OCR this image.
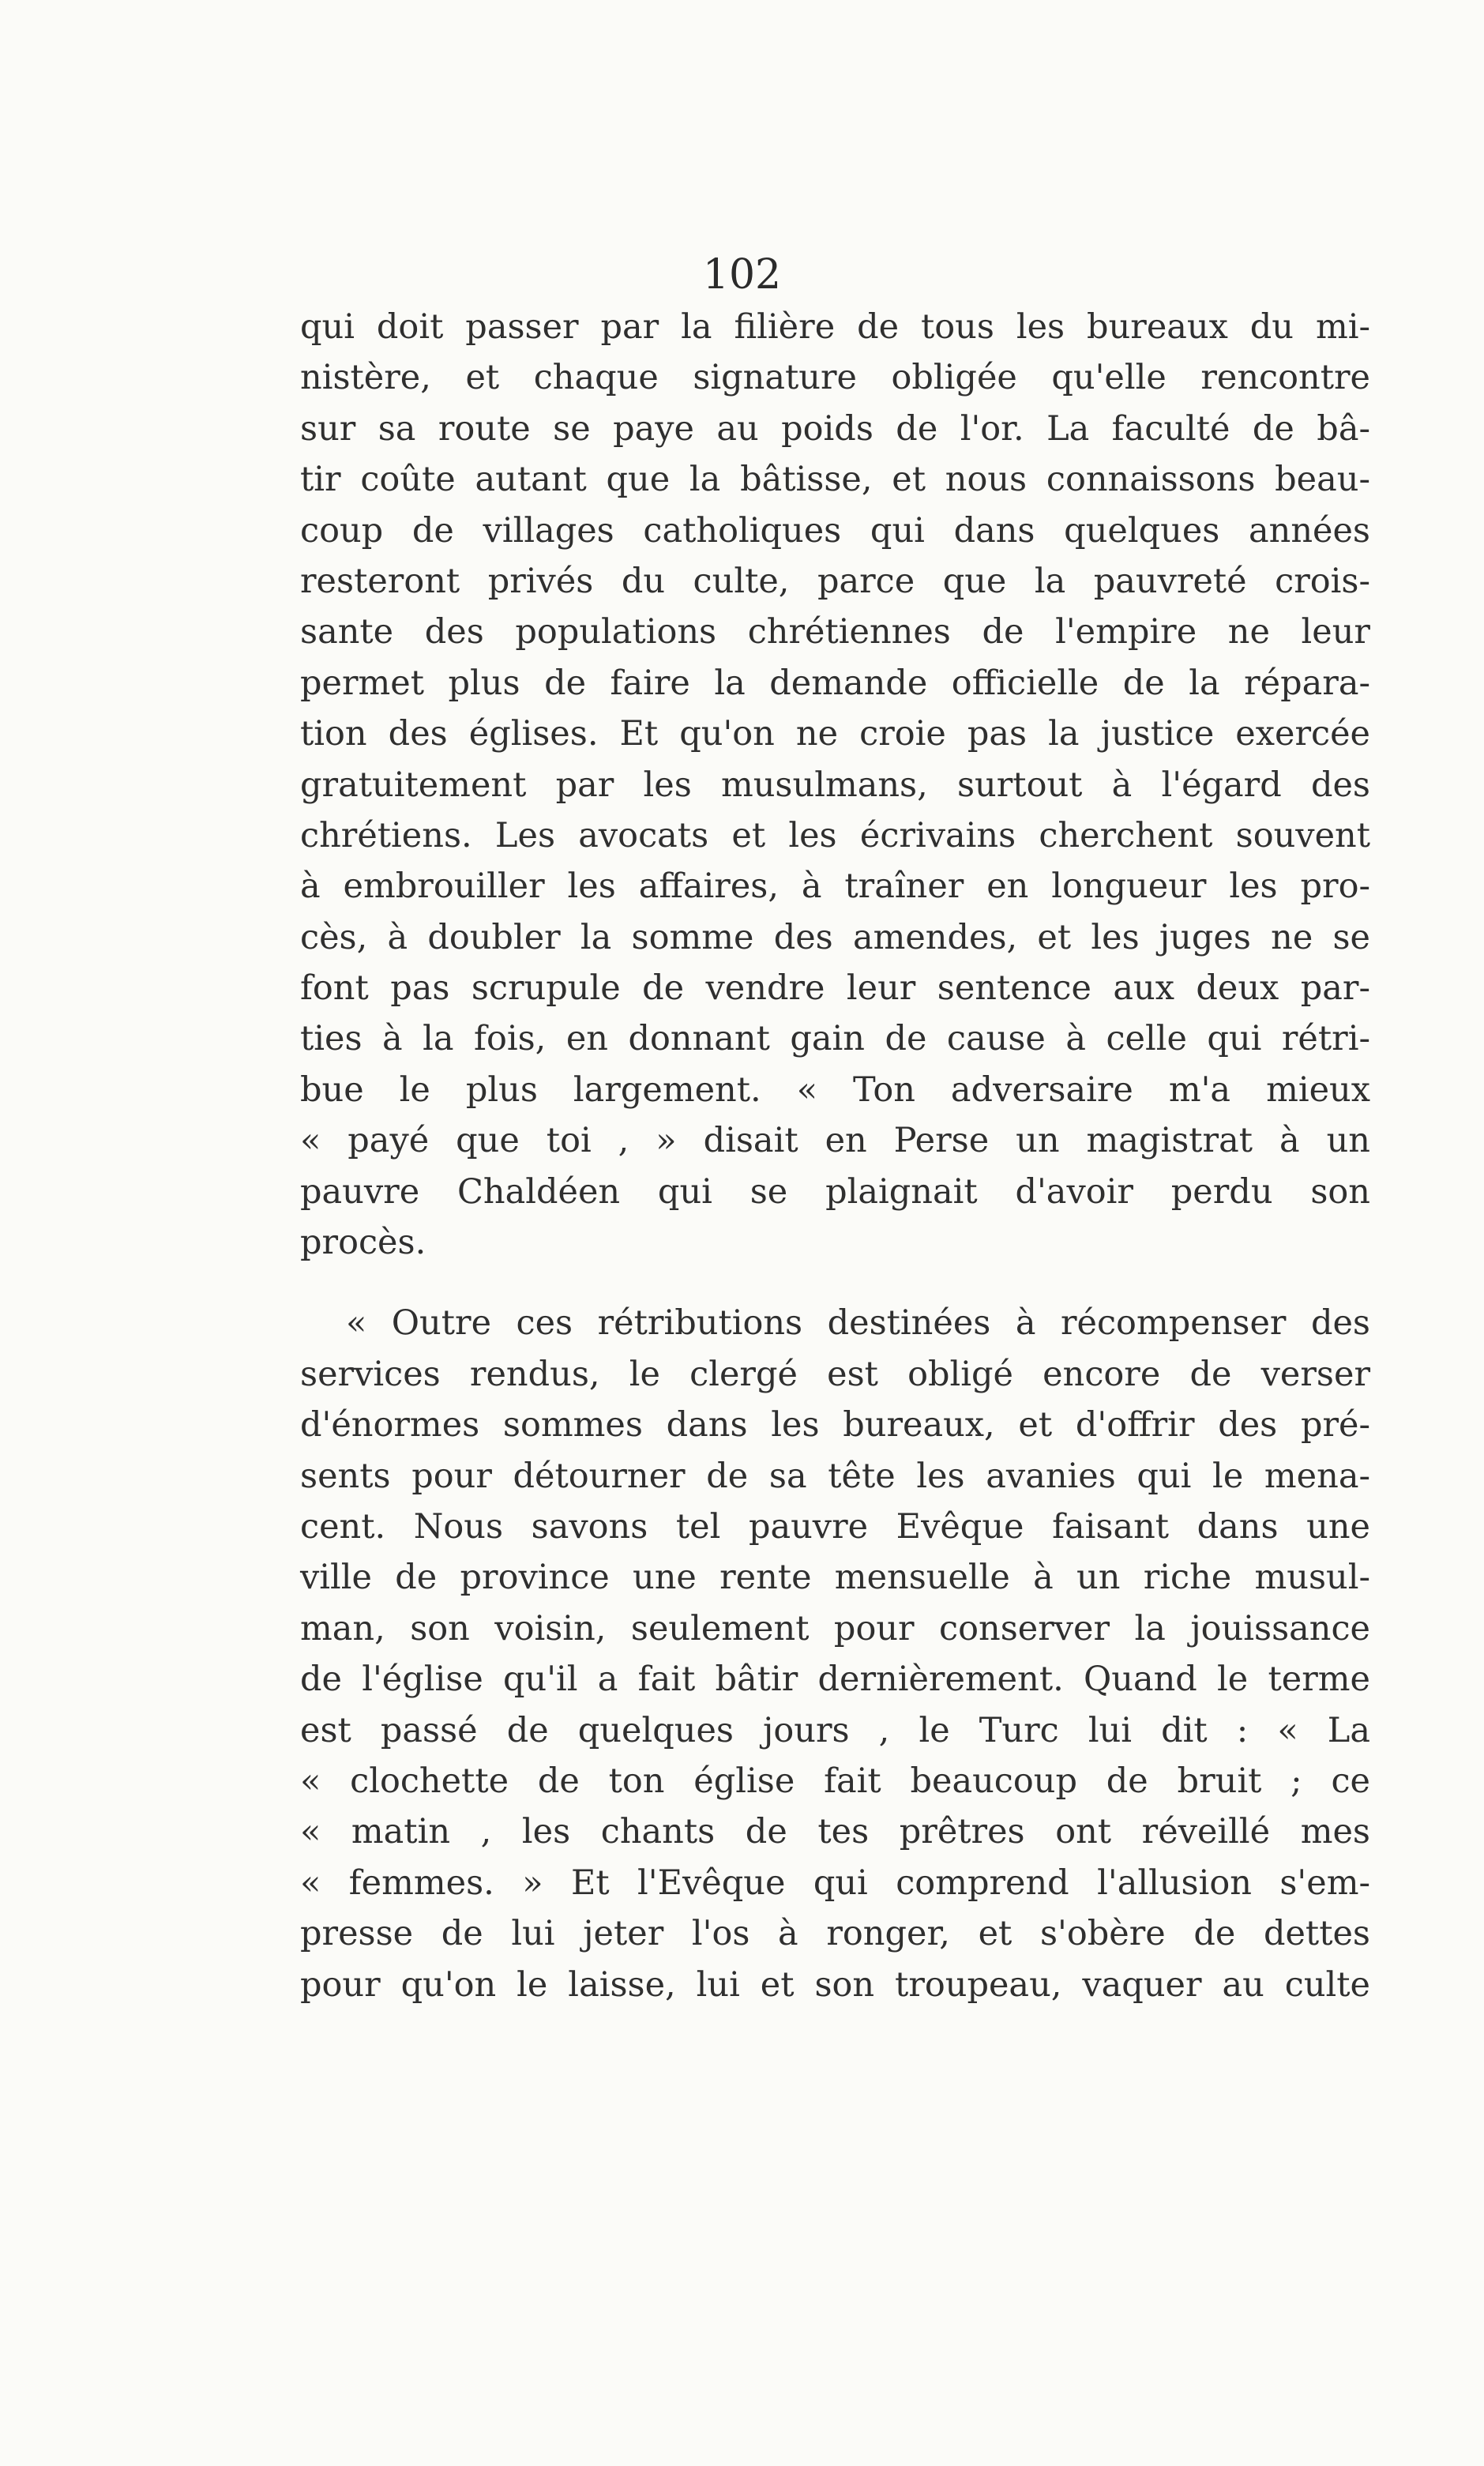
102
qui doit passer par la filière de tous les bureaux du mi-
nistère, et chaque signature obligée qu'elle rencontre
sur sa route se paye au poids de l'or. La faculté de bâ-
tir coûte autant que la bâtisse, et nous connaissons beau-
coup de villages catholiques qui dans quelques années
resteront privés du culte, parce que la pauvreté crois-
sante des populations chrétiennes de l'empire ne leur
permet plus de faire la demande officielle de la répara-
tion des églises. Et qu'on ne croie pas la justice exercée
gratuitement par les musulmans, surtout à l'égard des
chrétiens. Les avocats et les écrivains cherchent souvent
à embrouiller les affaires, à traîner en longueur les pro-
cès, à doubler la somme des amendes, et les juges ne se
font pas scrupule de vendre leur sentence aux deux par-
ties à la fois, en donnant gain de cause à celle qui rétri-
bue le plus largement. « Ton adversaire m'a mieux
« payé que toi , » disait en Perse un magistrat à un
pauvre Chaldéen qui se plaignait d'avoir perdu son
procès.
« Outre ces rétributions destinées à récompenser des
services rendus, le clergé est obligé encore de verser
d'énormes sommes dans les bureaux, et d'offrir des pré-
sents pour détourner de sa tête les avanies qui le mena-
cent. Nous savons tel pauvre Evêque faisant dans une
ville de province une rente mensuelle à un riche musul-
man, son voisin, seulement pour conserver la jouissance
de l'église qu'il a fait bâtir dernièrement. Quand le terme
est passé de quelques jours , le Turc lui dit : « La
« clochette de ton église fait beaucoup de bruit ; ce
« matin , les chants de tes prêtres ont réveillé mes
« femmes. » Et l'Evêque qui comprend l'allusion s'em-
presse de lui jeter l'os à ronger, et s'obère de dettes
pour qu'on le laisse, lui et son troupeau, vaquer au culte
